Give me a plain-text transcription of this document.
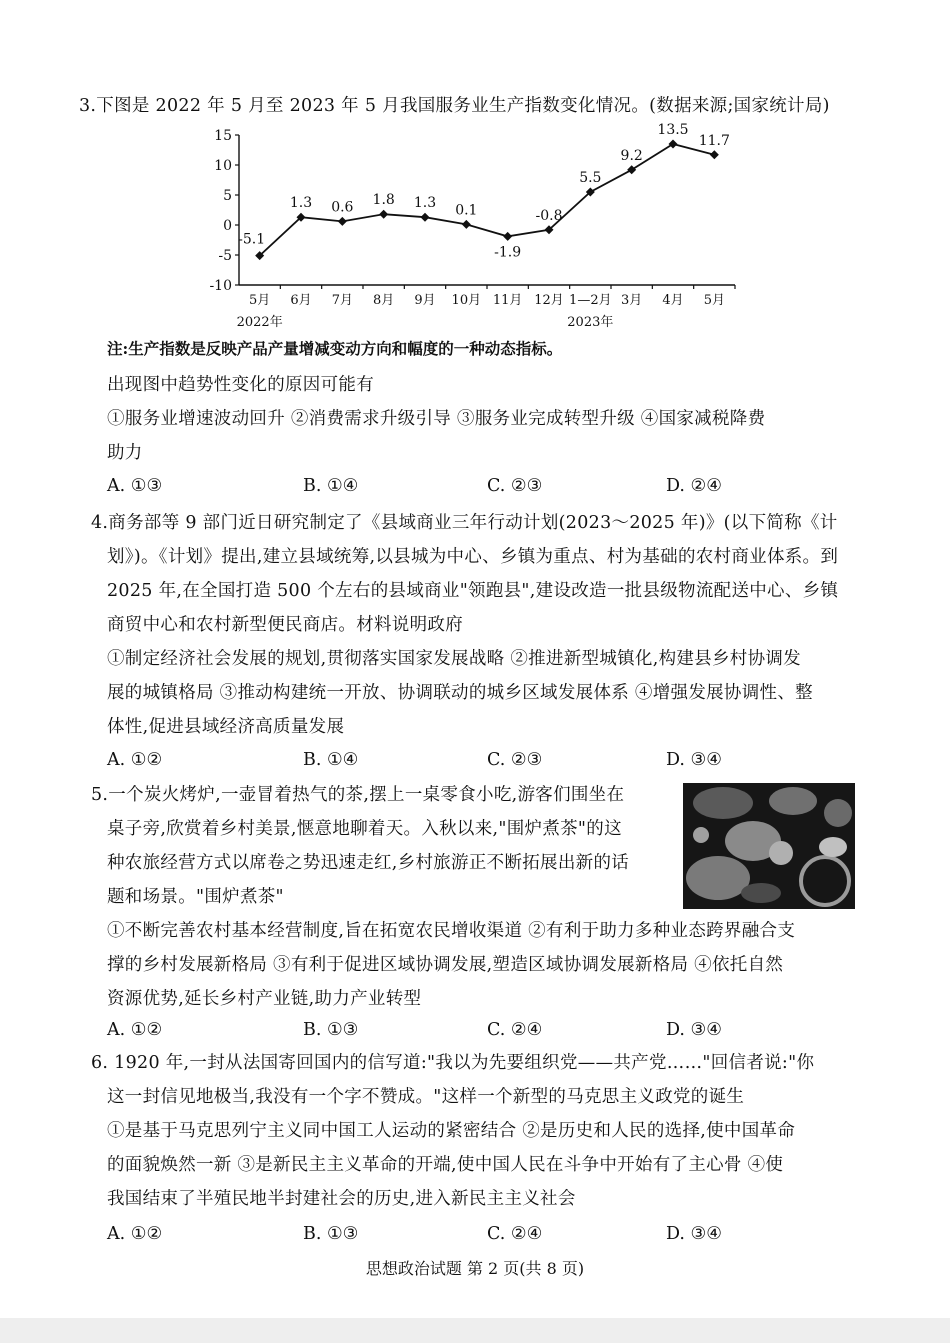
3.下图是 2022 年 5 月至 2023 年 5 月我国服务业生产指数变化情况。(数据来源;国家统计局)
15
10
5
0
-5
-10
5月 6月 7月 8月 9月 10月 11月 12月 1—2月 3月 4月 5月
2022年	2023年
-5.1
1.3 0.6 1.8 1.3 0.1
-1.9
-0.8
5.5
9.2
13.5
11.7
注:生产指数是反映产品产量增减变动方向和幅度的一种动态指标。
出现图中趋势性变化的原因可能有
①服务业增速波动回升 ②消费需求升级引导 ③服务业完成转型升级 ④国家减税降费
助力
A. ①③	B. ①④	C. ②③	D. ②④
4.商务部等 9 部门近日研究制定了《县域商业三年行动计划(2023～2025 年)》(以下简称《计
划》)。《计划》提出,建立县域统筹,以县城为中心、乡镇为重点、村为基础的农村商业体系。到
2025 年,在全国打造 500 个左右的县域商业"领跑县",建设改造一批县级物流配送中心、乡镇
商贸中心和农村新型便民商店。材料说明政府
①制定经济社会发展的规划,贯彻落实国家发展战略 ②推进新型城镇化,构建县乡村协调发
展的城镇格局 ③推动构建统一开放、协调联动的城乡区域发展体系 ④增强发展协调性、整
体性,促进县域经济高质量发展
A. ①②	B. ①④	C. ②③	D. ③④
5.一个炭火烤炉,一壶冒着热气的茶,摆上一桌零食小吃,游客们围坐在
桌子旁,欣赏着乡村美景,惬意地聊着天。入秋以来,"围炉煮茶"的这
种农旅经营方式以席卷之势迅速走红,乡村旅游正不断拓展出新的话
题和场景。"围炉煮茶"
①不断完善农村基本经营制度,旨在拓宽农民增收渠道 ②有利于助力多种业态跨界融合支
撑的乡村发展新格局 ③有利于促进区域协调发展,塑造区域协调发展新格局 ④依托自然
资源优势,延长乡村产业链,助力产业转型
A. ①②	B. ①③	C. ②④	D. ③④
6. 1920 年,一封从法国寄回国内的信写道:"我以为先要组织党——共产党……"回信者说:"你
这一封信见地极当,我没有一个字不赞成。"这样一个新型的马克思主义政党的诞生
①是基于马克思列宁主义同中国工人运动的紧密结合 ②是历史和人民的选择,使中国革命
的面貌焕然一新 ③是新民主主义革命的开端,使中国人民在斗争中开始有了主心骨 ④使
我国结束了半殖民地半封建社会的历史,进入新民主主义社会
A. ①②	B. ①③	C. ②④	D. ③④
思想政治试题 第 2 页(共 8 页)
